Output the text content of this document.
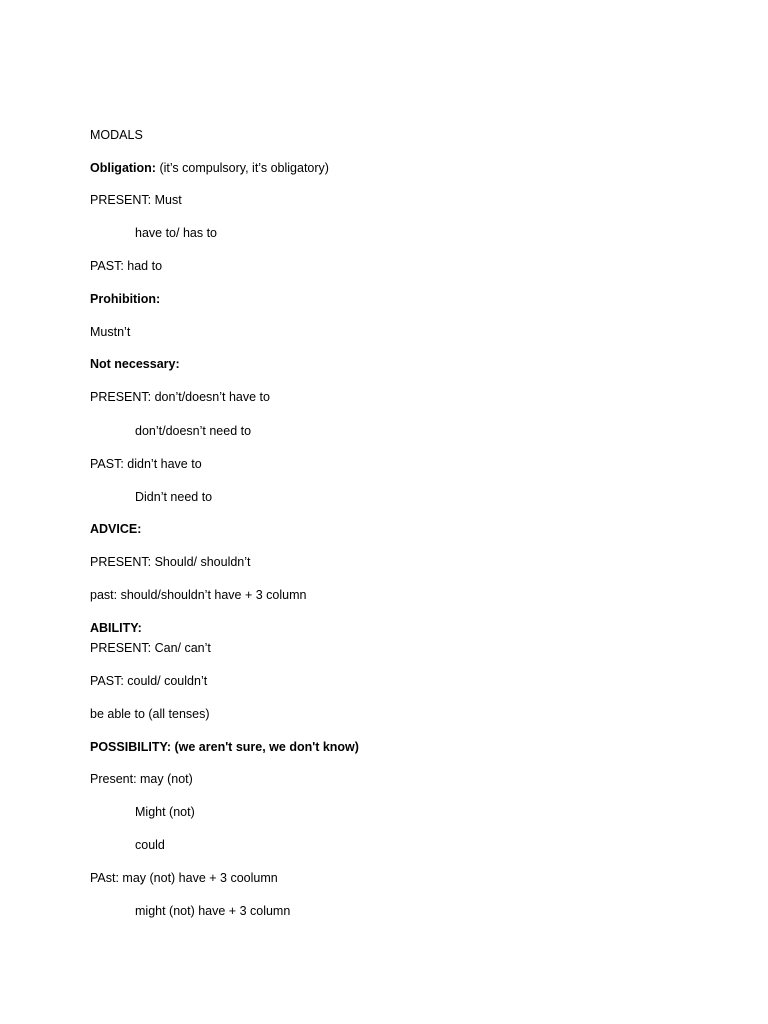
MODALS
Obligation: (it’s compulsory, it’s obligatory)
PRESENT: Must
have to/ has to
PAST: had to
Prohibition:
Mustn’t
Not necessary:
PRESENT: don’t/doesn’t have to
don’t/doesn’t need to
PAST: didn’t have to
Didn’t need to
ADVICE:
PRESENT: Should/ shouldn’t
past: should/shouldn’t have + 3 column
ABILITY:
PRESENT: Can/ can’t
PAST: could/ couldn’t
be able to (all tenses)
POSSIBILITY: (we aren't sure, we don't know)
Present: may (not)
Might (not)
could
PAst: may (not) have + 3 coolumn
might (not) have + 3 column
